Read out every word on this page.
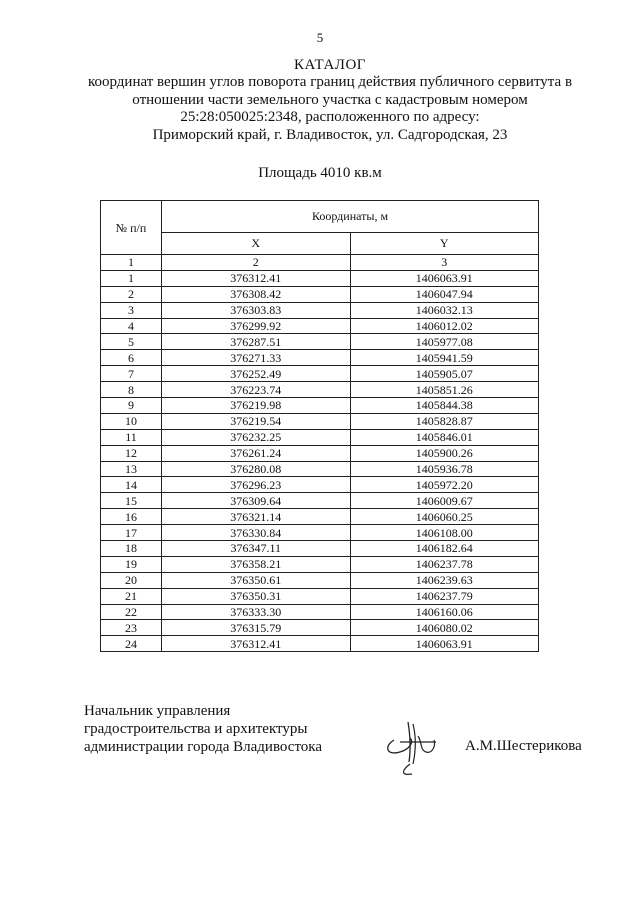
5
КАТАЛОГ
координат вершин углов поворота границ действия публичного сервитута в
отношении части земельного участка с кадастровым номером
25:28:050025:2348, расположенного по адресу:
Приморский край, г. Владивосток, ул. Садгородская, 23
Площадь 4010 кв.м
№ п/п	Координаты, м	
	X	Y
1	2	3
1	376312.41	1406063.91
2	376308.42	1406047.94
3	376303.83	1406032.13
4	376299.92	1406012.02
5	376287.51	1405977.08
6	376271.33	1405941.59
7	376252.49	1405905.07
8	376223.74	1405851.26
9	376219.98	1405844.38
10	376219.54	1405828.87
11	376232.25	1405846.01
12	376261.24	1405900.26
13	376280.08	1405936.78
14	376296.23	1405972.20
15	376309.64	1406009.67
16	376321.14	1406060.25
17	376330.84	1406108.00
18	376347.11	1406182.64
19	376358.21	1406237.78
20	376350.61	1406239.63
21	376350.31	1406237.79
22	376333.30	1406160.06
23	376315.79	1406080.02
24	376312.41	1406063.91
Начальник управления
градостроительства и архитектуры
администрации города Владивостока	А.М.Шестерикова
